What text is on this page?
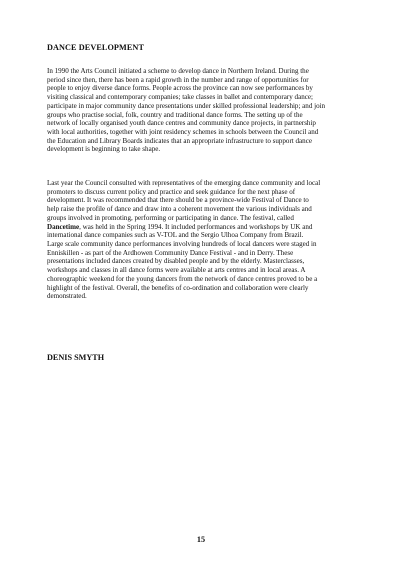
DANCE DEVELOPMENT

In 1990 the Arts Council initiated a scheme to develop dance in Northern Ireland. During the
period since then, there has been a rapid growth in the number and range of opportunities for
people to enjoy diverse dance forms. People across the province can now see performances by
visiting classical and contemporary companies; take classes in ballet and contemporary dance;
participate in major community dance presentations under skilled professional leadership; and join
groups who practise social, folk, country and traditional dance forms. The setting up of the
network of locally organised youth dance centres and community dance projects, in partnership
with local authorities, together with joint residency schemes in schools between the Council and
the Education and Library Boards indicates that an appropriate infrastructure to support dance
development is beginning to take shape.

Last year the Council consulted with representatives of the emerging dance community and local
promoters to discuss current policy and practice and seek guidance for the next phase of
development. It was recommended that there should be a province-wide Festival of Dance to
help raise the profile of dance and draw into a coherent movement the various individuals and
groups involved in promoting, performing or participating in dance. The festival, called
Dancetime, was held in the Spring 1994. It included performances and workshops by UK and
international dance companies such as V-TOL and the Sergio Ulhoa Company from Brazil.
Large scale community dance performances involving hundreds of local dancers were staged in
Enniskillen - as part of the Ardhowen Community Dance Festival - and in Derry. These
presentations included dances created by disabled people and by the elderly. Masterclasses,
workshops and classes in all dance forms were available at arts centres and in local areas. A
choreographic weekend for the young dancers from the network of dance centres proved to be a
highlight of the festival. Overall, the benefits of co-ordination and collaboration were clearly
demonstrated.

DENIS SMYTH
15
